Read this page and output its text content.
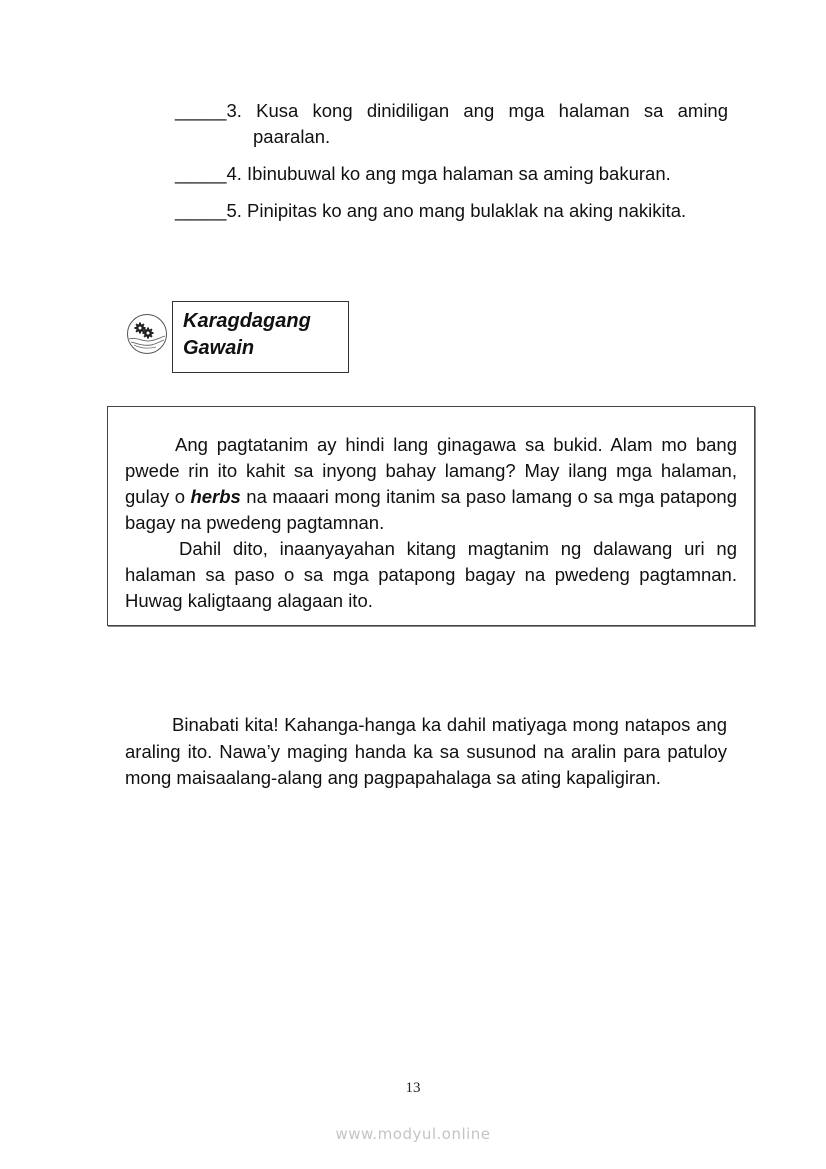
_____3. Kusa kong dinidiligan ang mga halaman sa aming
paaralan.
_____4. Ibinubuwal ko ang mga halaman sa aming bakuran.
_____5. Pinipitas ko ang ano mang bulaklak na aking nakikita.
Karagdagang
Gawain

Ang pagtatanim ay hindi lang ginagawa sa bukid. Alam mo bang pwede rin ito kahit sa inyong bahay lamang? May ilang mga halaman, gulay o herbs na maaari mong itanim sa paso lamang o sa mga patapong bagay na pwedeng pagtamnan.

Dahil dito, inaanyayahan kitang magtanim ng dalawang uri ng halaman sa paso o sa mga patapong bagay na pwedeng pagtamnan. Huwag kaligtaang alagaan ito.

Binabati kita! Kahanga-hanga ka dahil matiyaga mong natapos ang araling ito. Nawa’y maging handa ka sa susunod na aralin para patuloy mong maisaalang-alang ang pagpapahalaga sa ating kapaligiran.

13
www.modyul.online
